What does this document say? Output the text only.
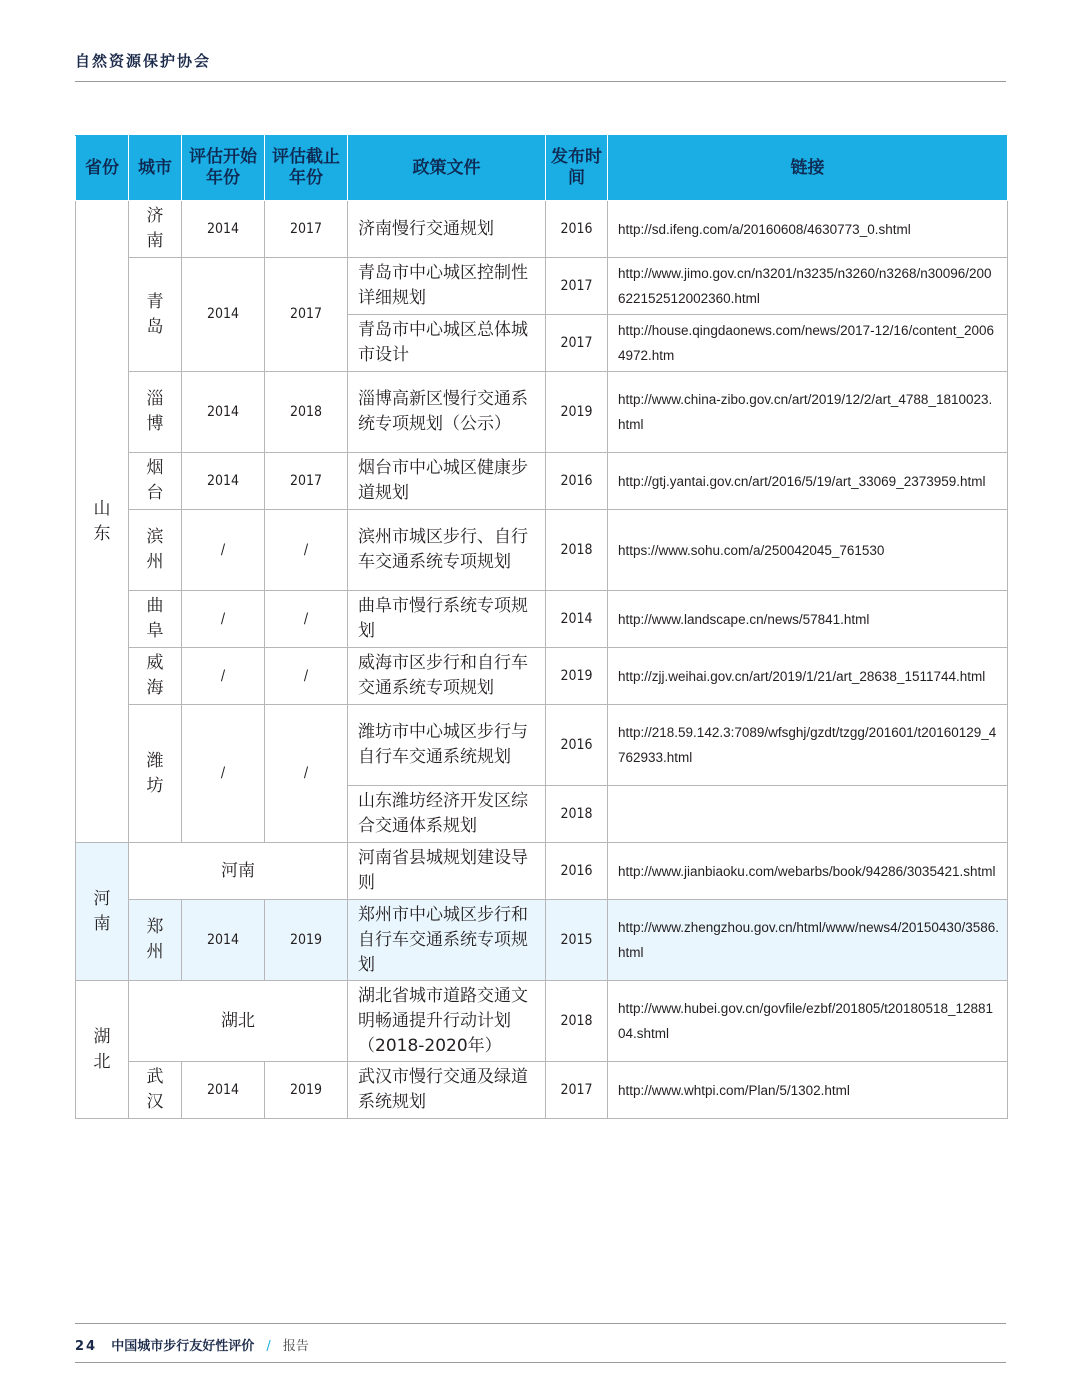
自然资源保护协会
省份	城市	评估开始年份	评估截止年份	政策文件	发布时间	链接
山东	济南	2014	2017	济南慢行交通规划	2016	http://sd.ifeng.com/a/20160608/4630773_0.shtml
	青岛	2014	2017	青岛市中心城区控制性详细规划	2017	http://www.jimo.gov.cn/n3201/n3235/n3260/n3268/n30096/200622152512002360.html
				青岛市中心城区总体城市设计	2017	http://house.qingdaonews.com/news/2017-12/16/content_20064972.htm
	淄博	2014	2018	淄博高新区慢行交通系统专项规划（公示）	2019	http://www.china-zibo.gov.cn/art/2019/12/2/art_4788_1810023.html
	烟台	2014	2017	烟台市中心城区健康步道规划	2016	http://gtj.yantai.gov.cn/art/2016/5/19/art_33069_2373959.html
	滨州	/	/	滨州市城区步行、自行车交通系统专项规划	2018	https://www.sohu.com/a/250042045_761530
	曲阜	/	/	曲阜市慢行系统专项规划	2014	http://www.landscape.cn/news/57841.html
	威海	/	/	威海市区步行和自行车交通系统专项规划	2019	http://zjj.weihai.gov.cn/art/2019/1/21/art_28638_1511744.html
	潍坊	/	/	潍坊市中心城区步行与自行车交通系统规划	2016	http://218.59.142.3:7089/wfsghj/gzdt/tzgg/201601/t20160129_4762933.html
				山东潍坊经济开发区综合交通体系规划	2018	
河南	河南			河南省县城规划建设导则	2016	http://www.jianbiaoku.com/webarbs/book/94286/3035421.shtml
	郑州	2014	2019	郑州市中心城区步行和自行车交通系统专项规划	2015	http://www.zhengzhou.gov.cn/html/www/news4/20150430/3586.html
湖北	湖北			湖北省城市道路交通文明畅通提升行动计划（2018-2020年）	2018	http://www.hubei.gov.cn/govfile/ezbf/201805/t20180518_1288104.shtml
	武汉	2014	2019	武汉市慢行交通及绿道系统规划	2017	http://www.whtpi.com/Plan/5/1302.html
24 中国城市步行友好性评价 / 报告
